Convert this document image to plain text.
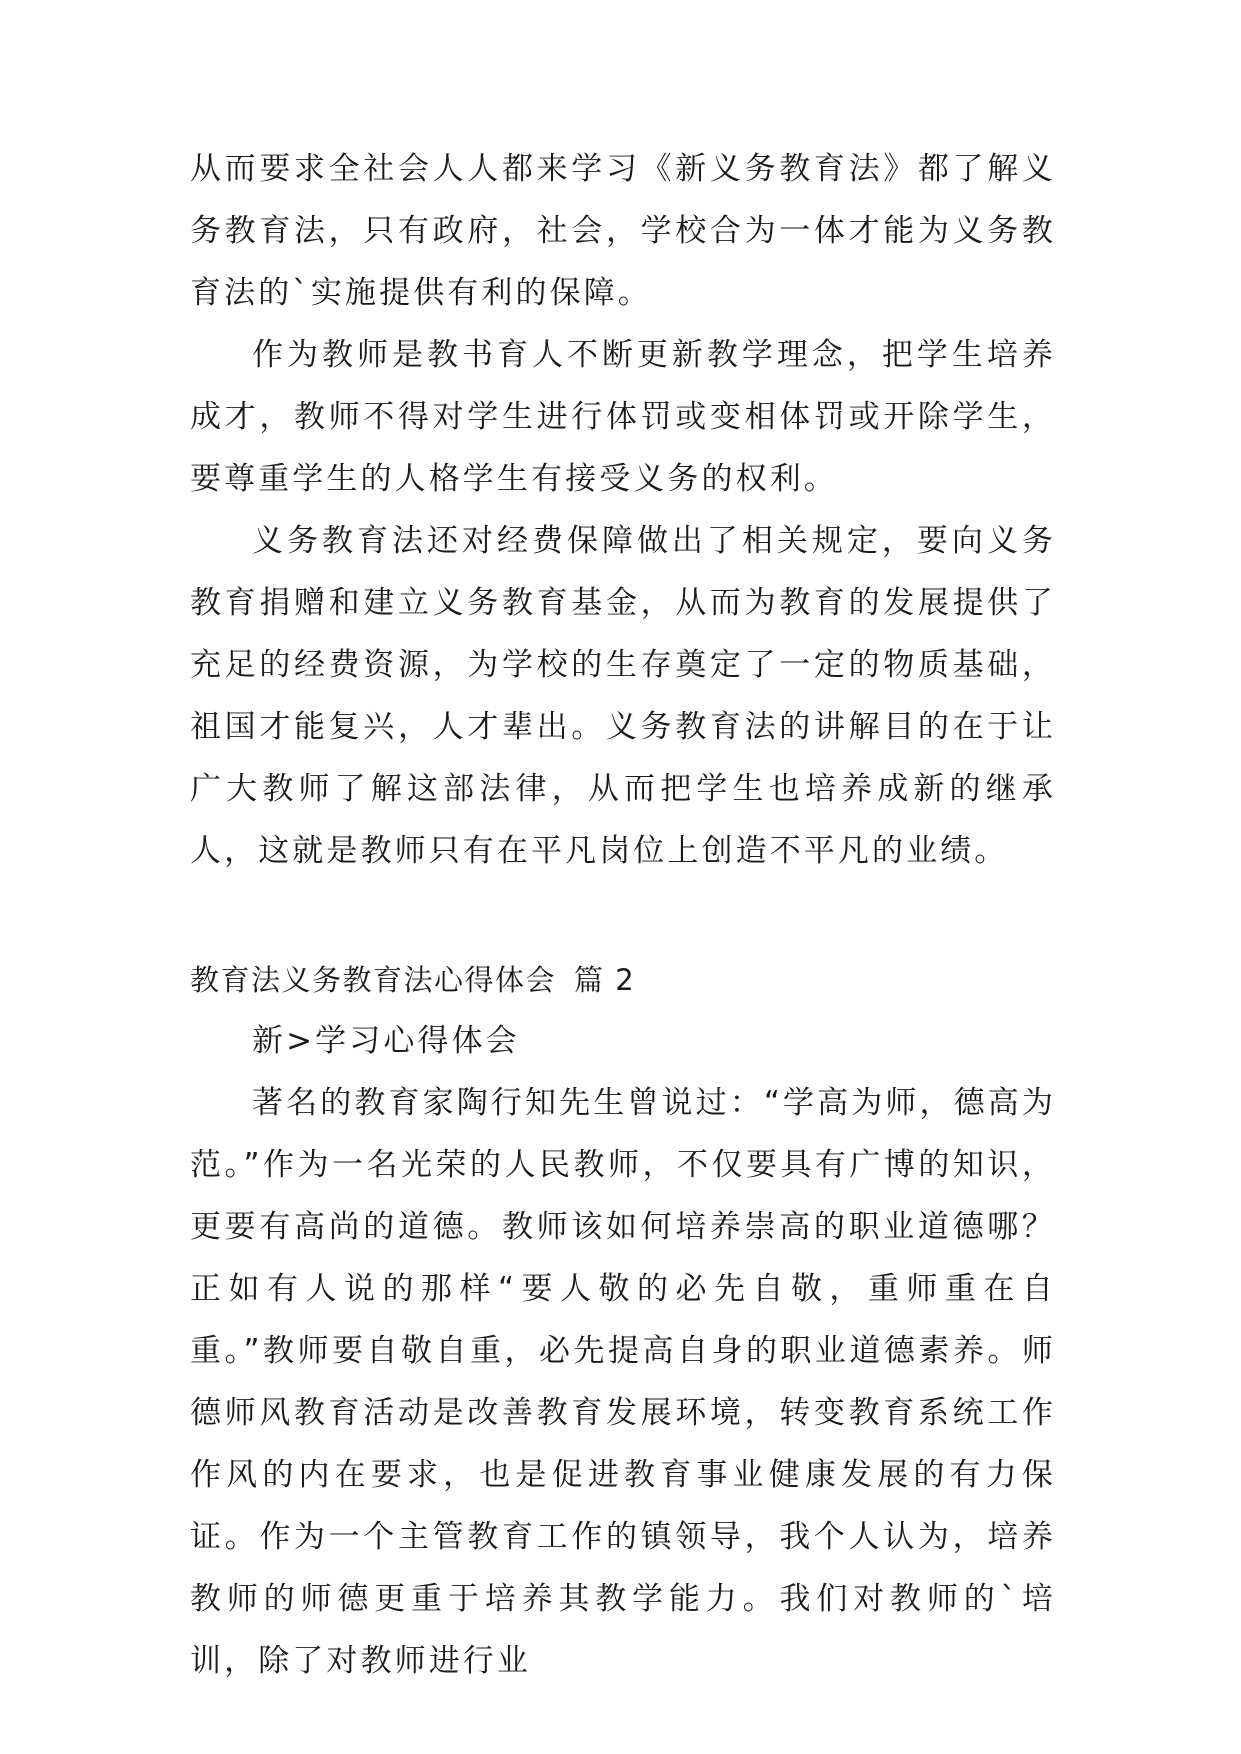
从而要求全社会人人都来学习《新义务教育法》都了解义务教育法，只有政府，社会，学校合为一体才能为义务教育法的`实施提供有利的保障。

作为教师是教书育人不断更新教学理念，把学生培养成才，教师不得对学生进行体罚或变相体罚或开除学生，要尊重学生的人格学生有接受义务的权利。

义务教育法还对经费保障做出了相关规定，要向义务教育捐赠和建立义务教育基金，从而为教育的发展提供了充足的经费资源，为学校的生存奠定了一定的物质基础，祖国才能复兴，人才辈出。义务教育法的讲解目的在于让广大教师了解这部法律，从而把学生也培养成新的继承人，这就是教师只有在平凡岗位上创造不平凡的业绩。

教育法义务教育法心得体会 篇 2

新>学习心得体会

著名的教育家陶行知先生曾说过：“学高为师，德高为范。”作为一名光荣的人民教师，不仅要具有广博的知识，更要有高尚的道德。教师该如何培养崇高的职业道德哪？正如有人说的那样“要人敬的必先自敬，重师重在自重。”教师要自敬自重，必先提高自身的职业道德素养。师德师风教育活动是改善教育发展环境，转变教育系统工作作风的内在要求，也是促进教育事业健康发展的有力保证。作为一个主管教育工作的镇领导，我个人认为，培养教师的师德更重于培养其教学能力。我们对教师的`培训，除了对教师进行业
